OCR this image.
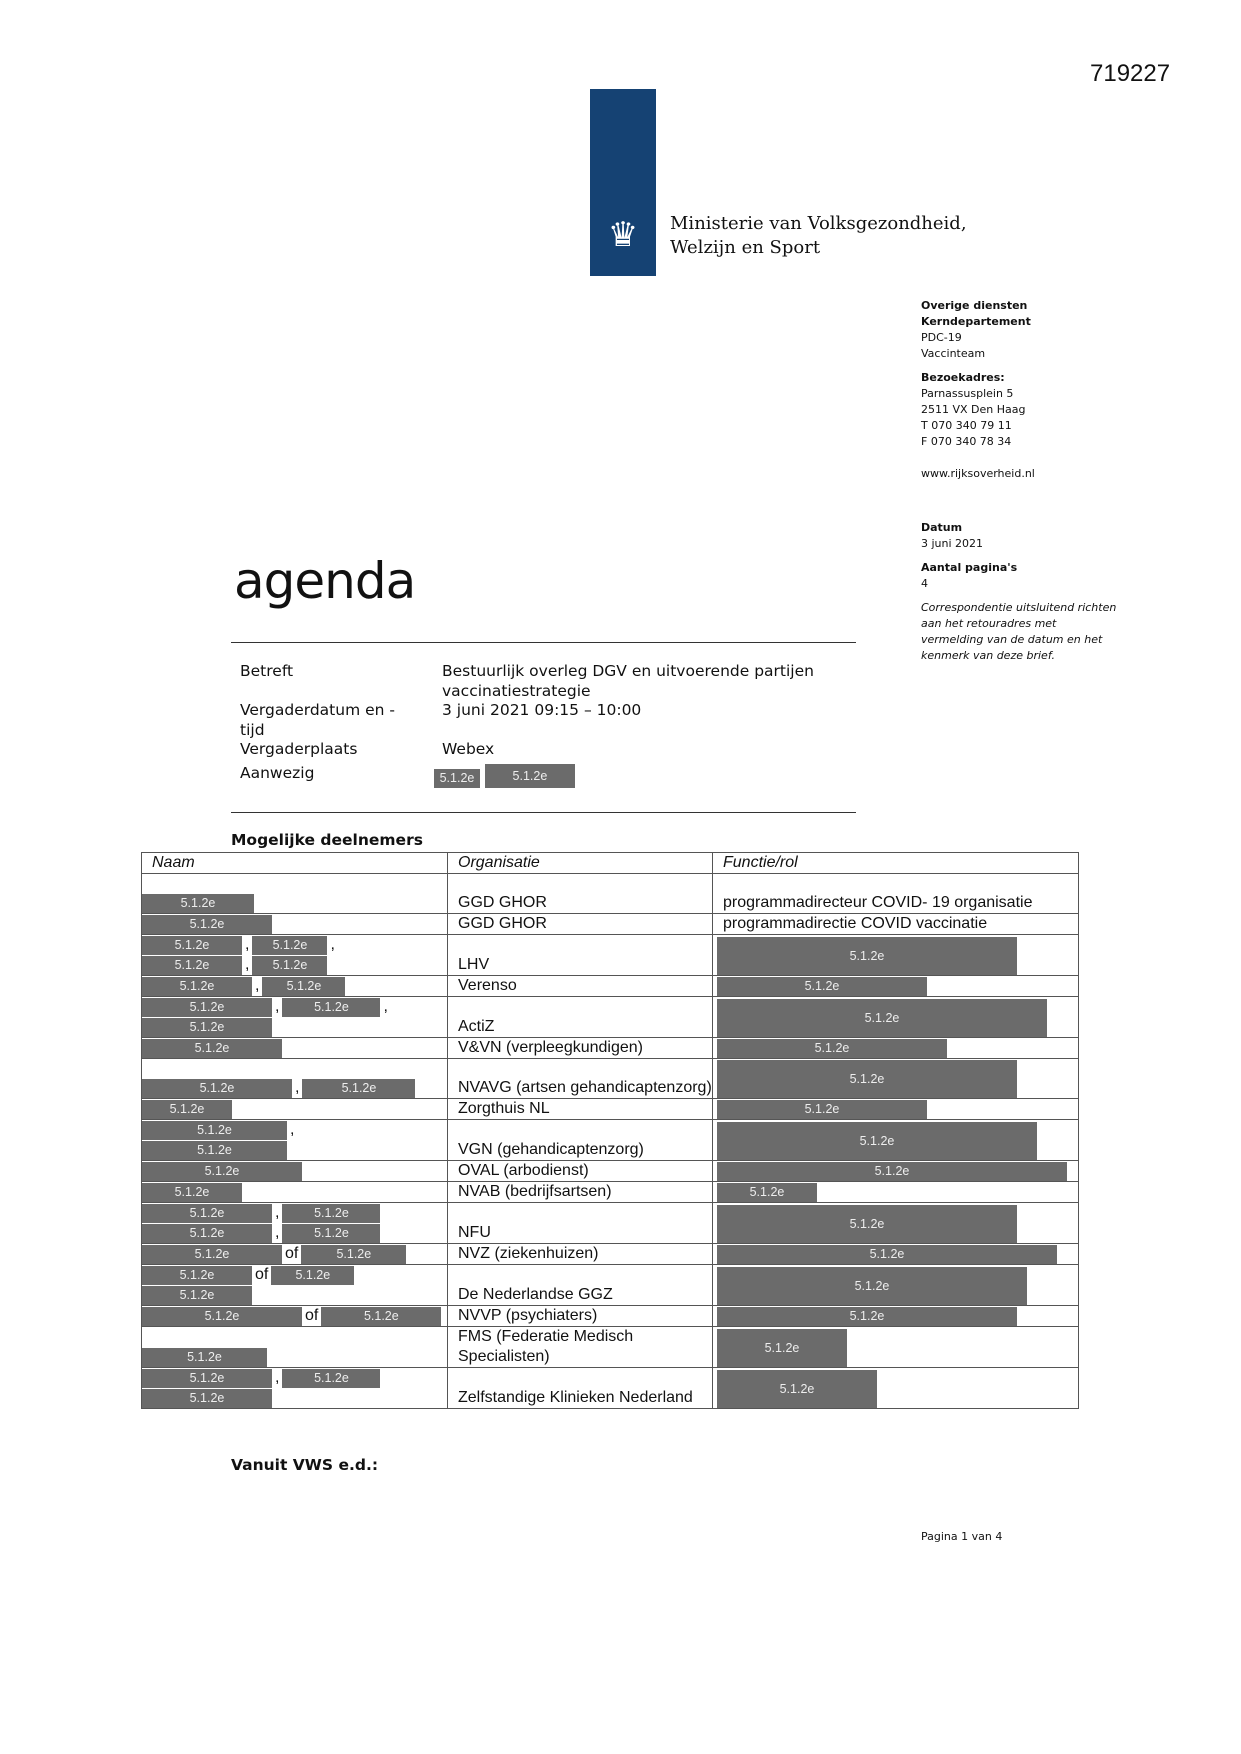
719227
♛	Ministerie van Volksgezondheid,
Welzijn en Sport
Overige diensten
Kerndepartement
PDC-19
Vaccinteam
Bezoekadres:
Parnassusplein 5
2511 VX Den Haag
T 070 340 79 11
F 070 340 78 34
www.rijksoverheid.nl
Datum
3 juni 2021
Aantal pagina's
4
Correspondentie uitsluitend richten aan het retouradres met vermelding van de datum en het kenmerk van deze brief.
agenda
Betreft	Bestuurlijk overleg DGV en uitvoerende partijen vaccinatiestrategie
Vergaderdatum en - tijd
3 juni 2021 09:15 – 10:00
Vergaderplaats	Webex
Aanwezig	5.1.2e	5.1.2e
Mogelijke deelnemers
Naam	Organisatie	Functie/rol

5.1.2e	GGD GHOR	programmadirecteur COVID- 19 organisatie

5.1.2e	GGD GHOR	programmadirectie COVID vaccinatie

5.1.2e , 5.1.2e ,
5.1.2e , 5.1.2e	LHV	5.1.2e

5.1.2e , 5.1.2e	Verenso	5.1.2e

5.1.2e , 5.1.2e ,
5.1.2e	ActiZ	5.1.2e

5.1.2e	V&VN (verpleegkundigen)	5.1.2e

5.1.2e , 5.1.2e	NVAVG (artsen gehandicaptenzorg)	5.1.2e

5.1.2e	Zorgthuis NL	5.1.2e

5.1.2e ,
5.1.2e	VGN (gehandicaptenzorg)	5.1.2e

5.1.2e	OVAL (arbodienst)	5.1.2e

5.1.2e	NVAB (bedrijfsartsen)	5.1.2e

5.1.2e , 5.1.2e
5.1.2e , 5.1.2e	NFU	5.1.2e

5.1.2e of 5.1.2e	NVZ (ziekenhuizen)	5.1.2e

5.1.2e of 5.1.2e
5.1.2e	De Nederlandse GGZ	5.1.2e

5.1.2e of 5.1.2e	NVVP (psychiaters)	5.1.2e

5.1.2e	FMS (Federatie Medisch Specialisten)	5.1.2e

5.1.2e , 5.1.2e
5.1.2e	Zelfstandige Klinieken Nederland	5.1.2e
Vanuit VWS e.d.:
Pagina 1 van 4
